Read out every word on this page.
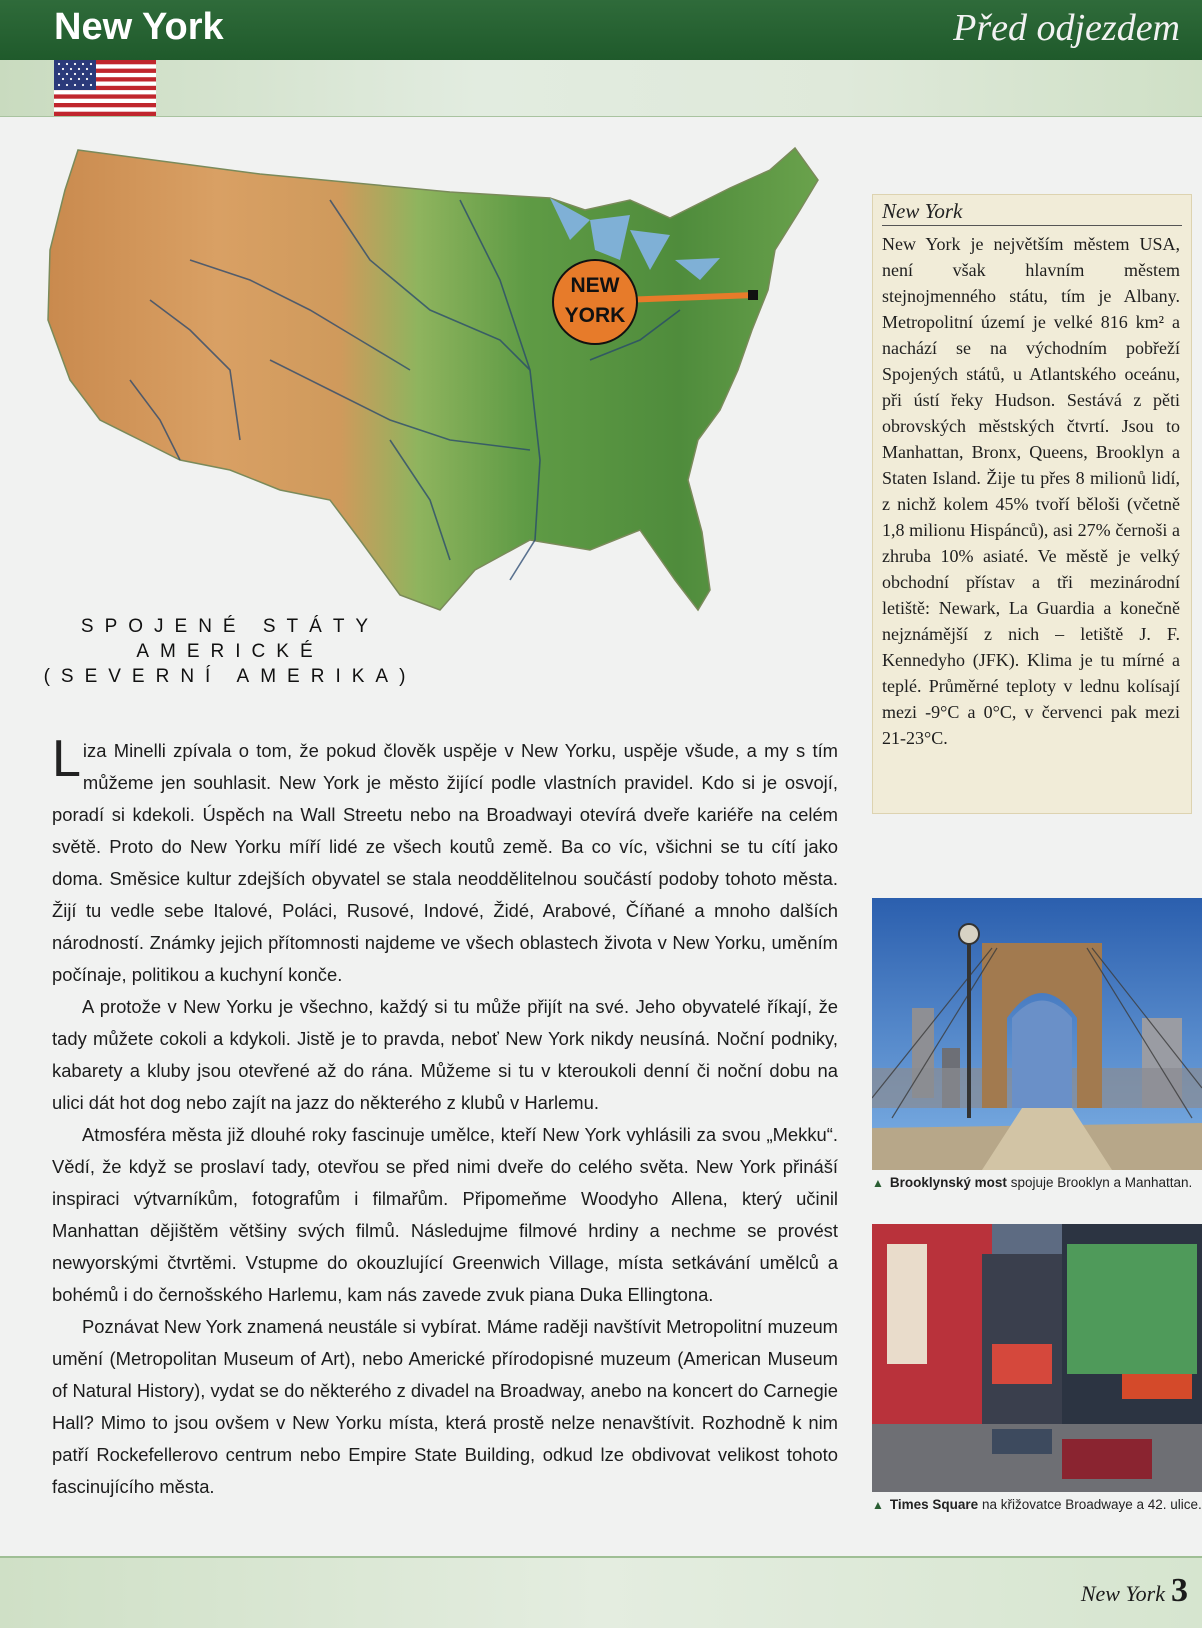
New York	Před odjezdem
NEW
YORK
SPOJENÉ STÁTY
AMERICKÉ
(SEVERNÍ AMERIKA)
New York

New York je největším městem USA, není však hlavním městem stejnojmenného státu, tím je Albany. Metropolitní území je velké 816 km² a nachází se na východním pobřeží Spojených států, u Atlantského oceánu, při ústí řeky Hudson. Sestává z pěti obrovských městských čtvrtí. Jsou to Manhattan, Bronx, Queens, Brooklyn a Staten Island. Žije tu přes 8 milionů lidí, z nichž kolem 45% tvoří běloši (včetně 1,8 milionu Hispánců), asi 27% černoši a zhruba 10% asiaté. Ve městě je velký obchodní přístav a tři mezinárodní letiště: Newark, La Guardia a konečně nejznámější z nich – letiště J. F. Kennedyho (JFK). Klima je tu mírné a teplé. Průměrné teploty v lednu kolísají mezi -9°C a 0°C, v červenci pak mezi 21-23°C.

Liza Minelli zpívala o tom, že pokud člověk uspěje v New Yorku, uspěje všude, a my s tím můžeme jen souhlasit. New York je město žijící podle vlastních pravidel. Kdo si je osvojí, poradí si kdekoli. Úspěch na Wall Streetu nebo na Broadwayi otevírá dveře kariéře na celém světě. Proto do New Yorku míří lidé ze všech koutů země. Ba co víc, všichni se tu cítí jako doma. Směsice kultur zdejších obyvatel se stala neoddělitelnou součástí podoby tohoto města. Žijí tu vedle sebe Italové, Poláci, Rusové, Indové, Židé, Arabové, Číňané a mnoho dalších národností. Známky jejich přítomnosti najdeme ve všech oblastech života v New Yorku, uměním počínaje, politikou a kuchyní konče.

A protože v New Yorku je všechno, každý si tu může přijít na své. Jeho obyvatelé říkají, že tady můžete cokoli a kdykoli. Jistě je to pravda, neboť New York nikdy neusíná. Noční podniky, kabarety a kluby jsou otevřené až do rána. Můžeme si tu v kteroukoli denní či noční dobu na ulici dát hot dog nebo zajít na jazz do některého z klubů v Harlemu.

Atmosféra města již dlouhé roky fascinuje umělce, kteří New York vyhlásili za svou „Mekku“. Vědí, že když se proslaví tady, otevřou se před nimi dveře do celého světa. New York přináší inspiraci výtvarníkům, fotografům i filmařům. Připomeňme Woodyho Allena, který učinil Manhattan dějištěm většiny svých filmů. Následujme filmové hrdiny a nechme se provést newyorskými čtvrtěmi. Vstupme do okouzlující Greenwich Village, místa setkávání umělců a bohémů i do černošského Harlemu, kam nás zavede zvuk piana Duka Ellingtona.

Poznávat New York znamená neustále si vybírat. Máme raději navštívit Metropolitní muzeum umění (Metropolitan Museum of Art), nebo Americké přírodopisné muzeum (American Museum of Natural History), vydat se do některého z divadel na Broadway, anebo na koncert do Carnegie Hall? Mimo to jsou ovšem v New Yorku místa, která prostě nelze nenavštívit. Rozhodně k nim patří Rockefellerovo centrum nebo Empire State Building, odkud lze obdivovat velikost tohoto fascinujícího města.

▲ Brooklynský most spojuje Brooklyn a Manhattan.
▲ Times Square na křižovatce Broadwaye a 42. ulice.
New York 3
